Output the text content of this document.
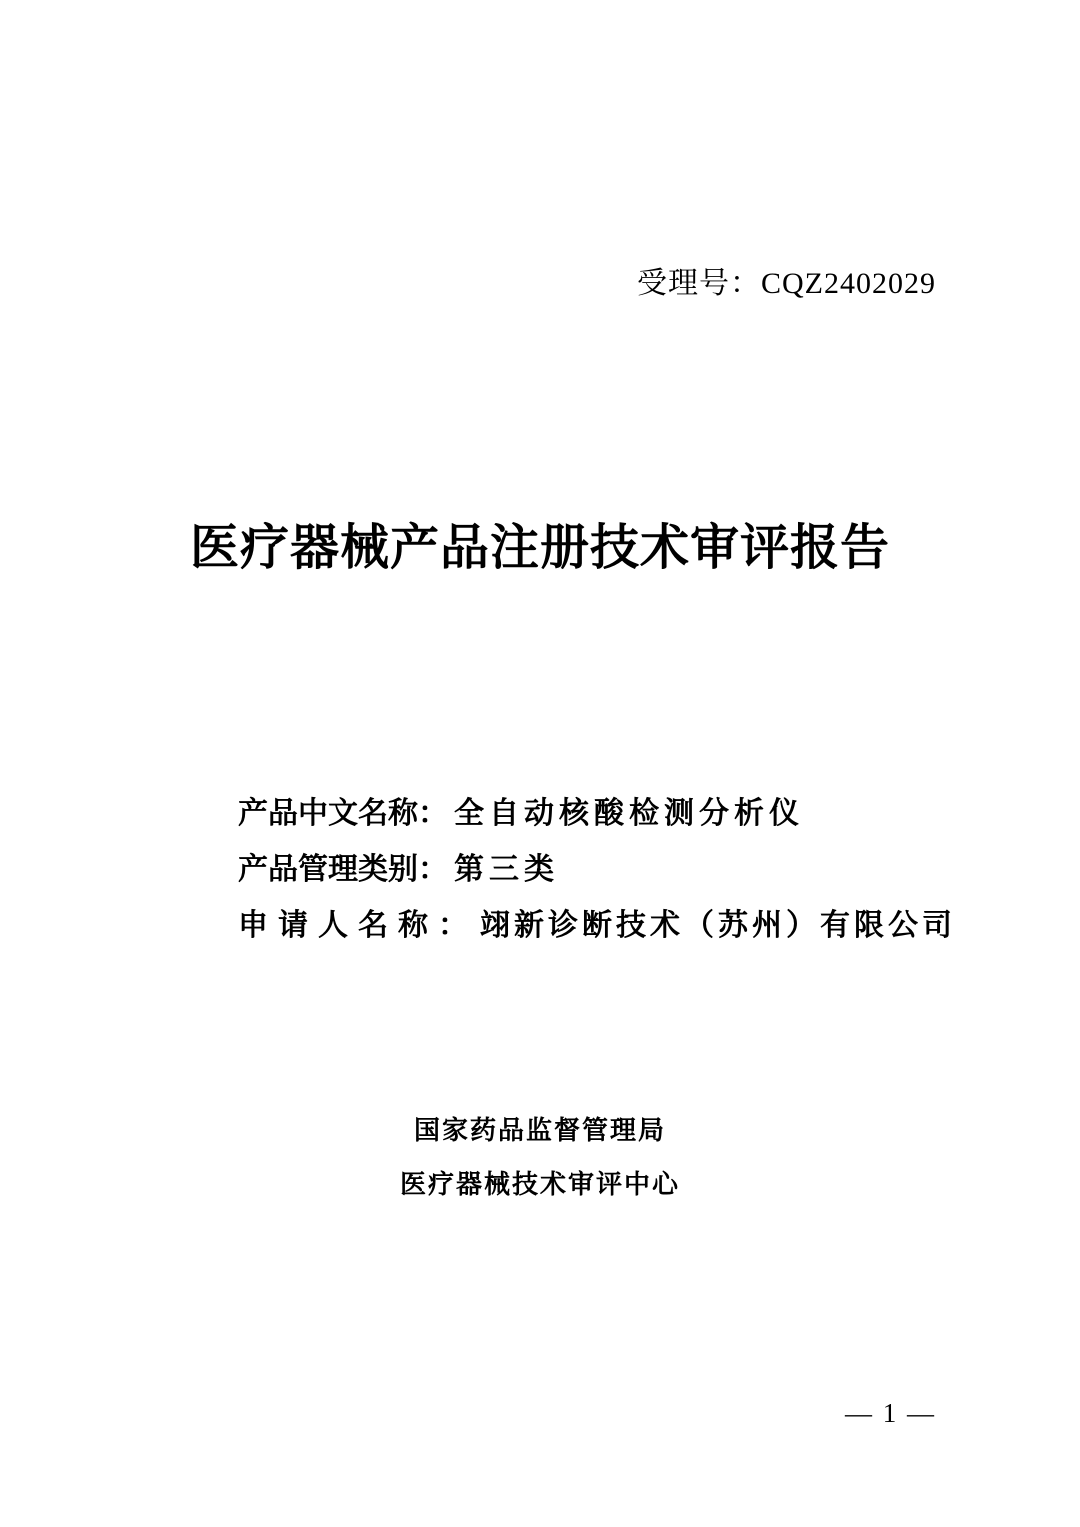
受理号：CQZ2402029
医疗器械产品注册技术审评报告
产品中文名称： 全自动核酸检测分析仪
产品管理类别： 第三类
申请人名称：翊新诊断技术（苏州）有限公司
国家药品监督管理局
医疗器械技术审评中心
— 1 —
